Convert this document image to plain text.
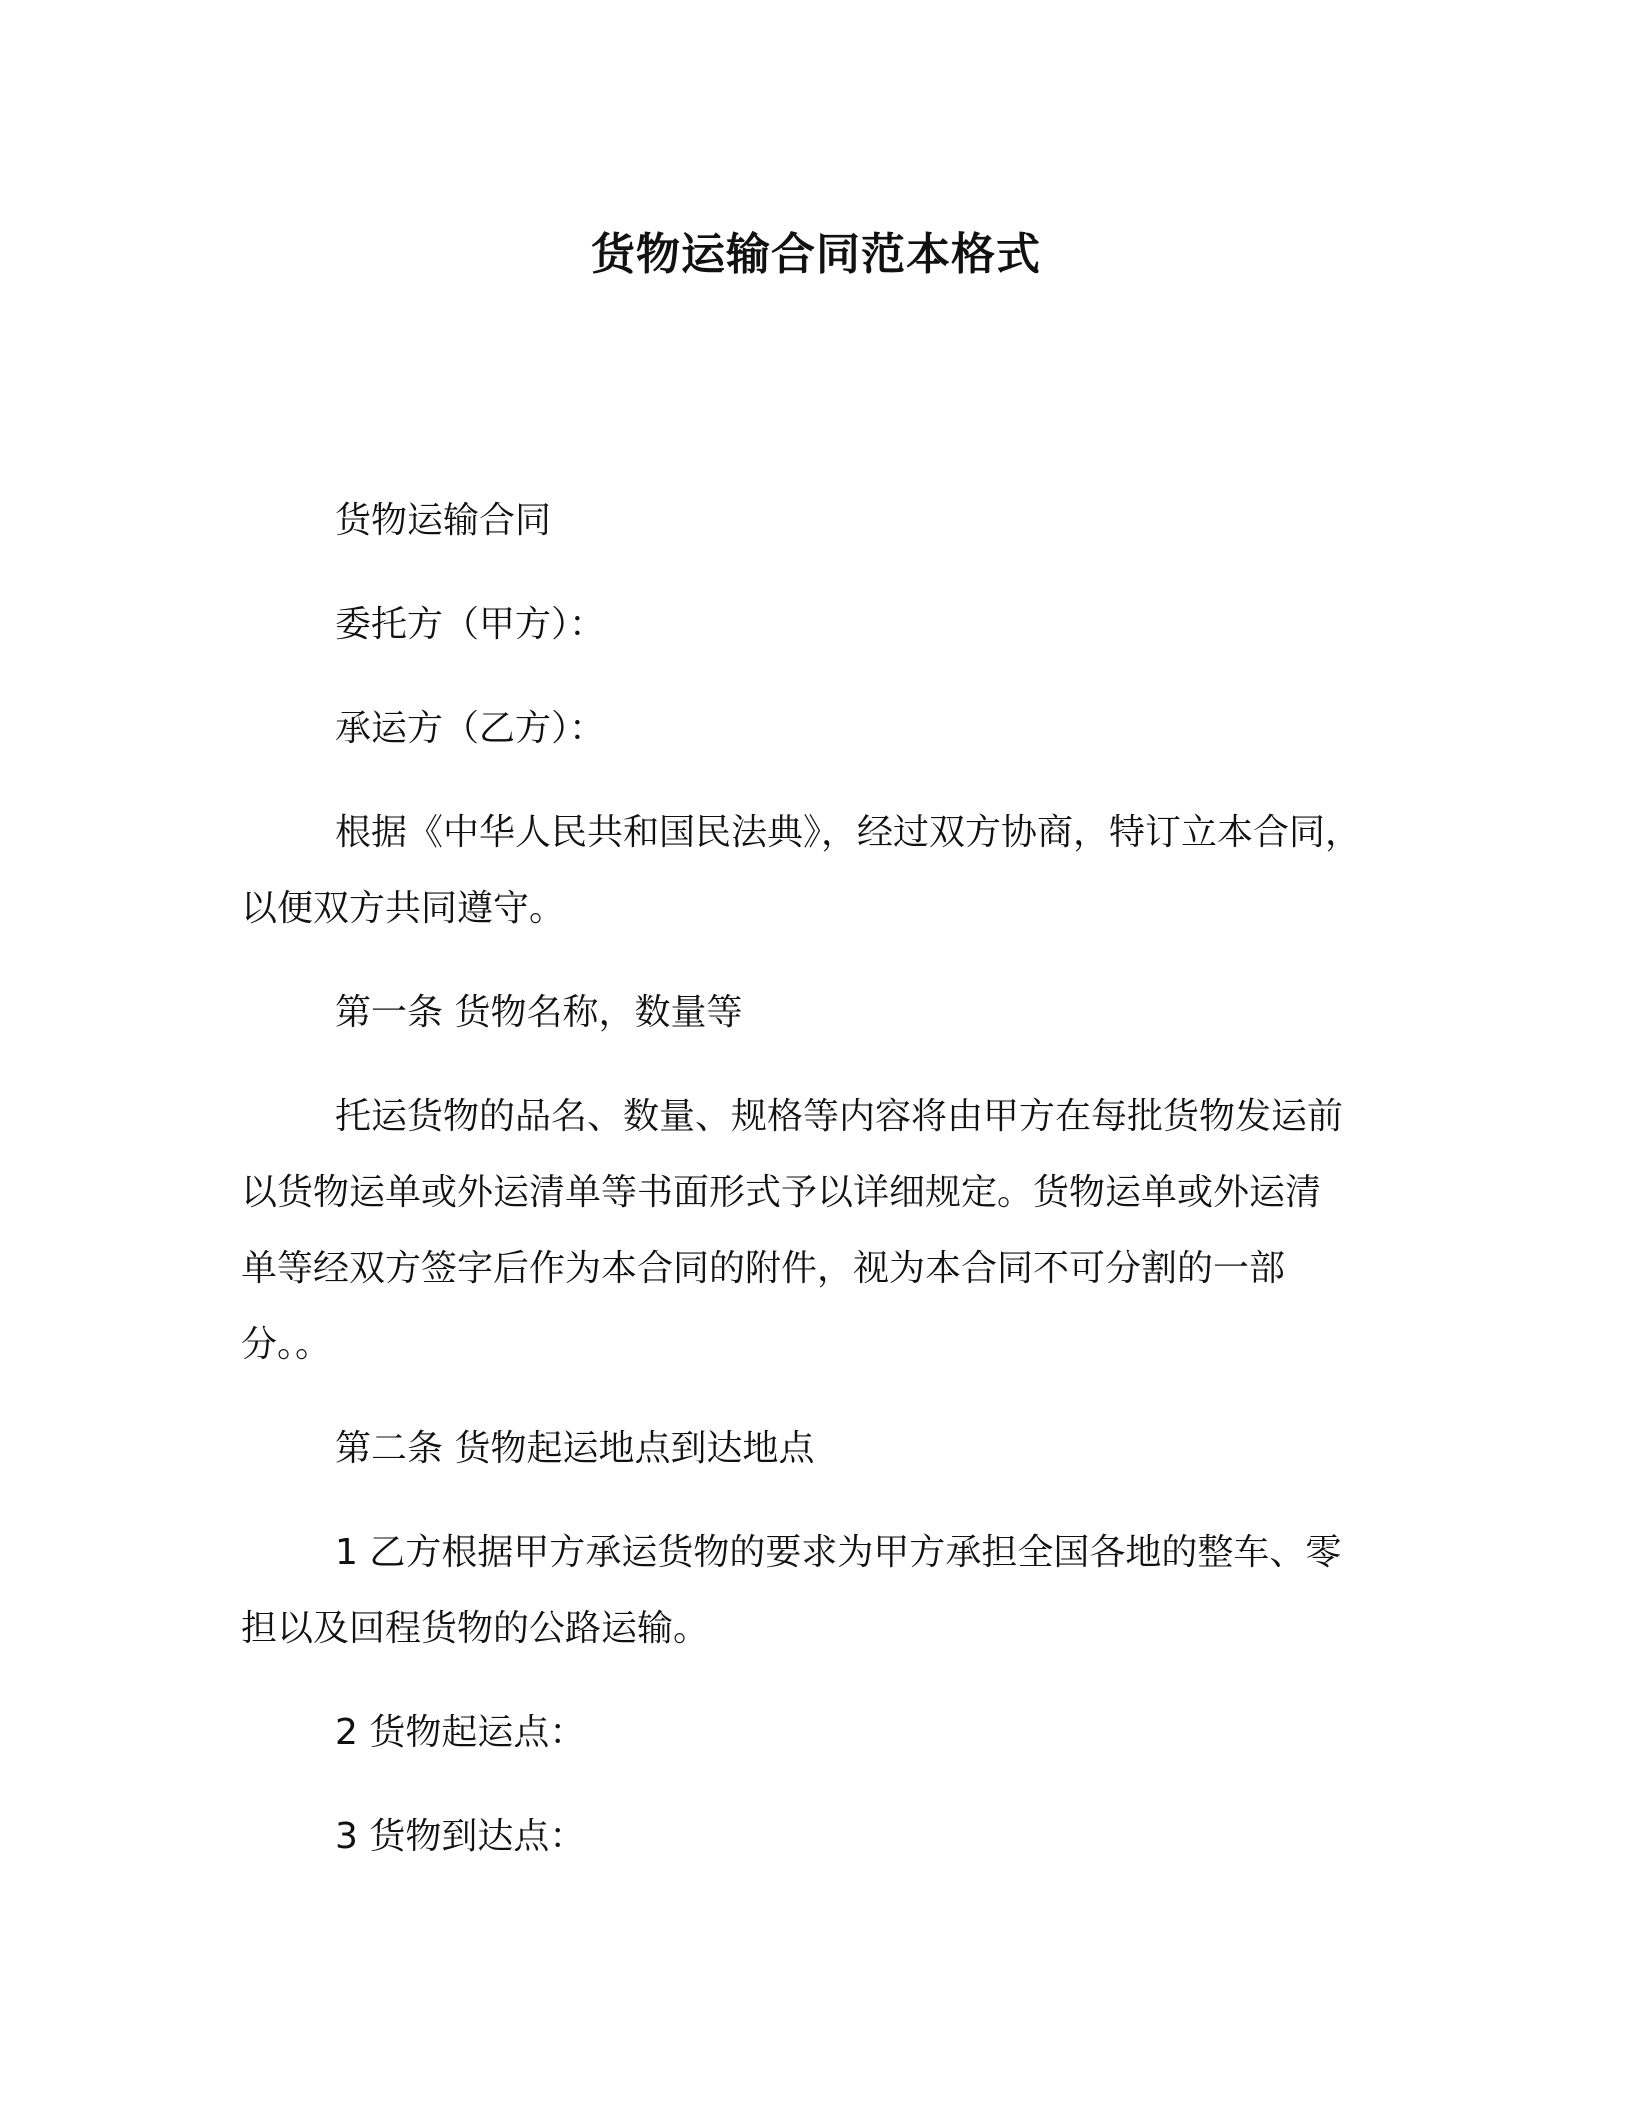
货物运输合同范本格式
货物运输合同
委托方（甲方）：
承运方（乙方）：
根据《中华人民共和国民法典》，经过双方协商，特订立本合同，
以便双方共同遵守。
第一条 货物名称，数量等
托运货物的品名、数量、规格等内容将由甲方在每批货物发运前
以货物运单或外运清单等书面形式予以详细规定。货物运单或外运清
单等经双方签字后作为本合同的附件，视为本合同不可分割的一部
分。。
第二条 货物起运地点到达地点
1 乙方根据甲方承运货物的要求为甲方承担全国各地的整车、零
担以及回程货物的公路运输。
2 货物起运点：
3 货物到达点：
